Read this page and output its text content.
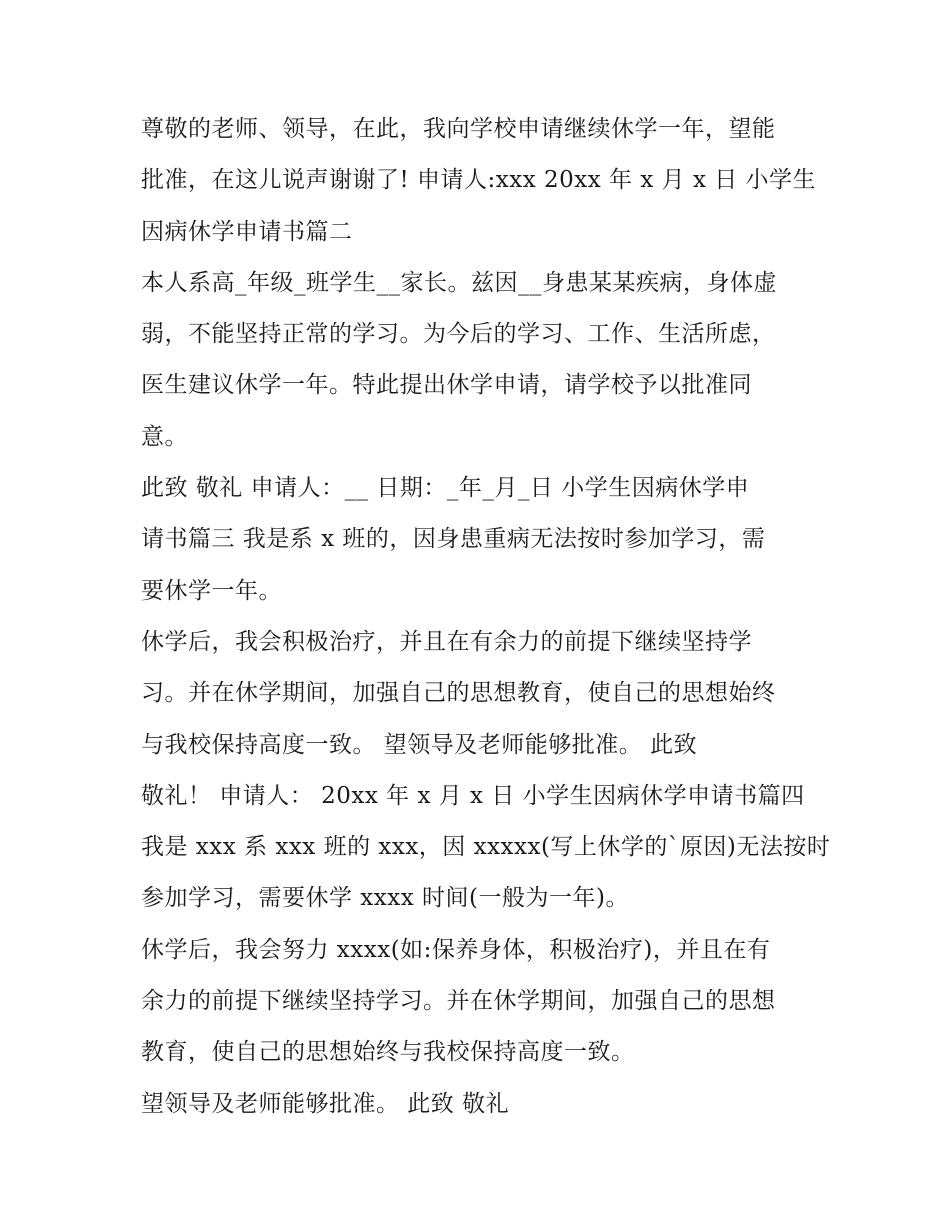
尊敬的老师、领导，在此，我向学校申请继续休学一年，望能
批准，在这儿说声谢谢了! 申请人:xxx 20xx 年 x 月 x 日 小学生
因病休学申请书篇二
本人系高_年级_班学生__家长。兹因__身患某某疾病，身体虚
弱，不能坚持正常的学习。为今后的学习、工作、生活所虑，
医生建议休学一年。特此提出休学申请，请学校予以批准同
意。
此致 敬礼 申请人：__ 日期：_年_月_日 小学生因病休学申
请书篇三 我是系 x 班的，因身患重病无法按时参加学习，需
要休学一年。
休学后，我会积极治疗，并且在有余力的前提下继续坚持学
习。并在休学期间，加强自己的思想教育，使自己的思想始终
与我校保持高度一致。 望领导及老师能够批准。 此致
敬礼！ 申请人： 20xx 年 x 月 x 日 小学生因病休学申请书篇四
我是 xxx 系 xxx 班的 xxx，因 xxxxx(写上休学的`原因)无法按时
参加学习，需要休学 xxxx 时间(一般为一年)。
休学后，我会努力 xxxx(如:保养身体，积极治疗)，并且在有
余力的前提下继续坚持学习。并在休学期间，加强自己的思想
教育，使自己的思想始终与我校保持高度一致。
望领导及老师能够批准。 此致 敬礼
